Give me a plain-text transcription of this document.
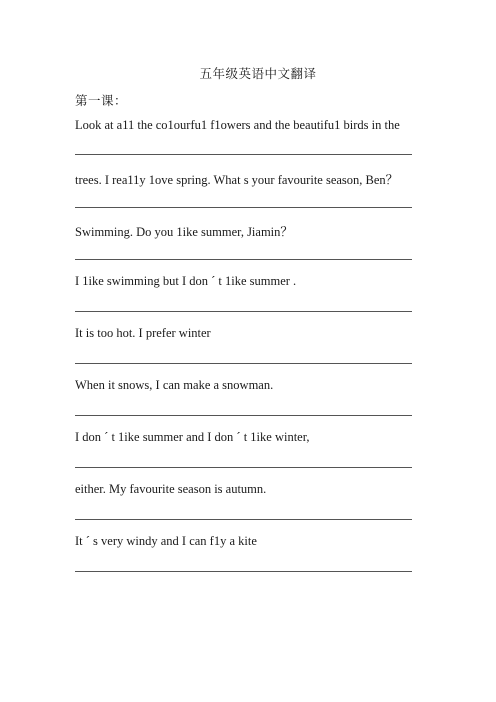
五年级英语中文翻译
第一课：
Look at a11 the co1ourfu1 f1owers and the beautifu1 birds in the
trees. I rea11y 1ove spring. What s your favourite season, Ben？
Swimming. Do you 1ike summer, Jiamin？
I 1ike swimming but I don ´ t 1ike summer .
It is too hot. I prefer winter
When it snows, I can make a snowman.
I don ´ t 1ike summer and I don ´ t 1ike winter,
either. My favourite season is autumn.
It ´ s very windy and I can f1y a kite
